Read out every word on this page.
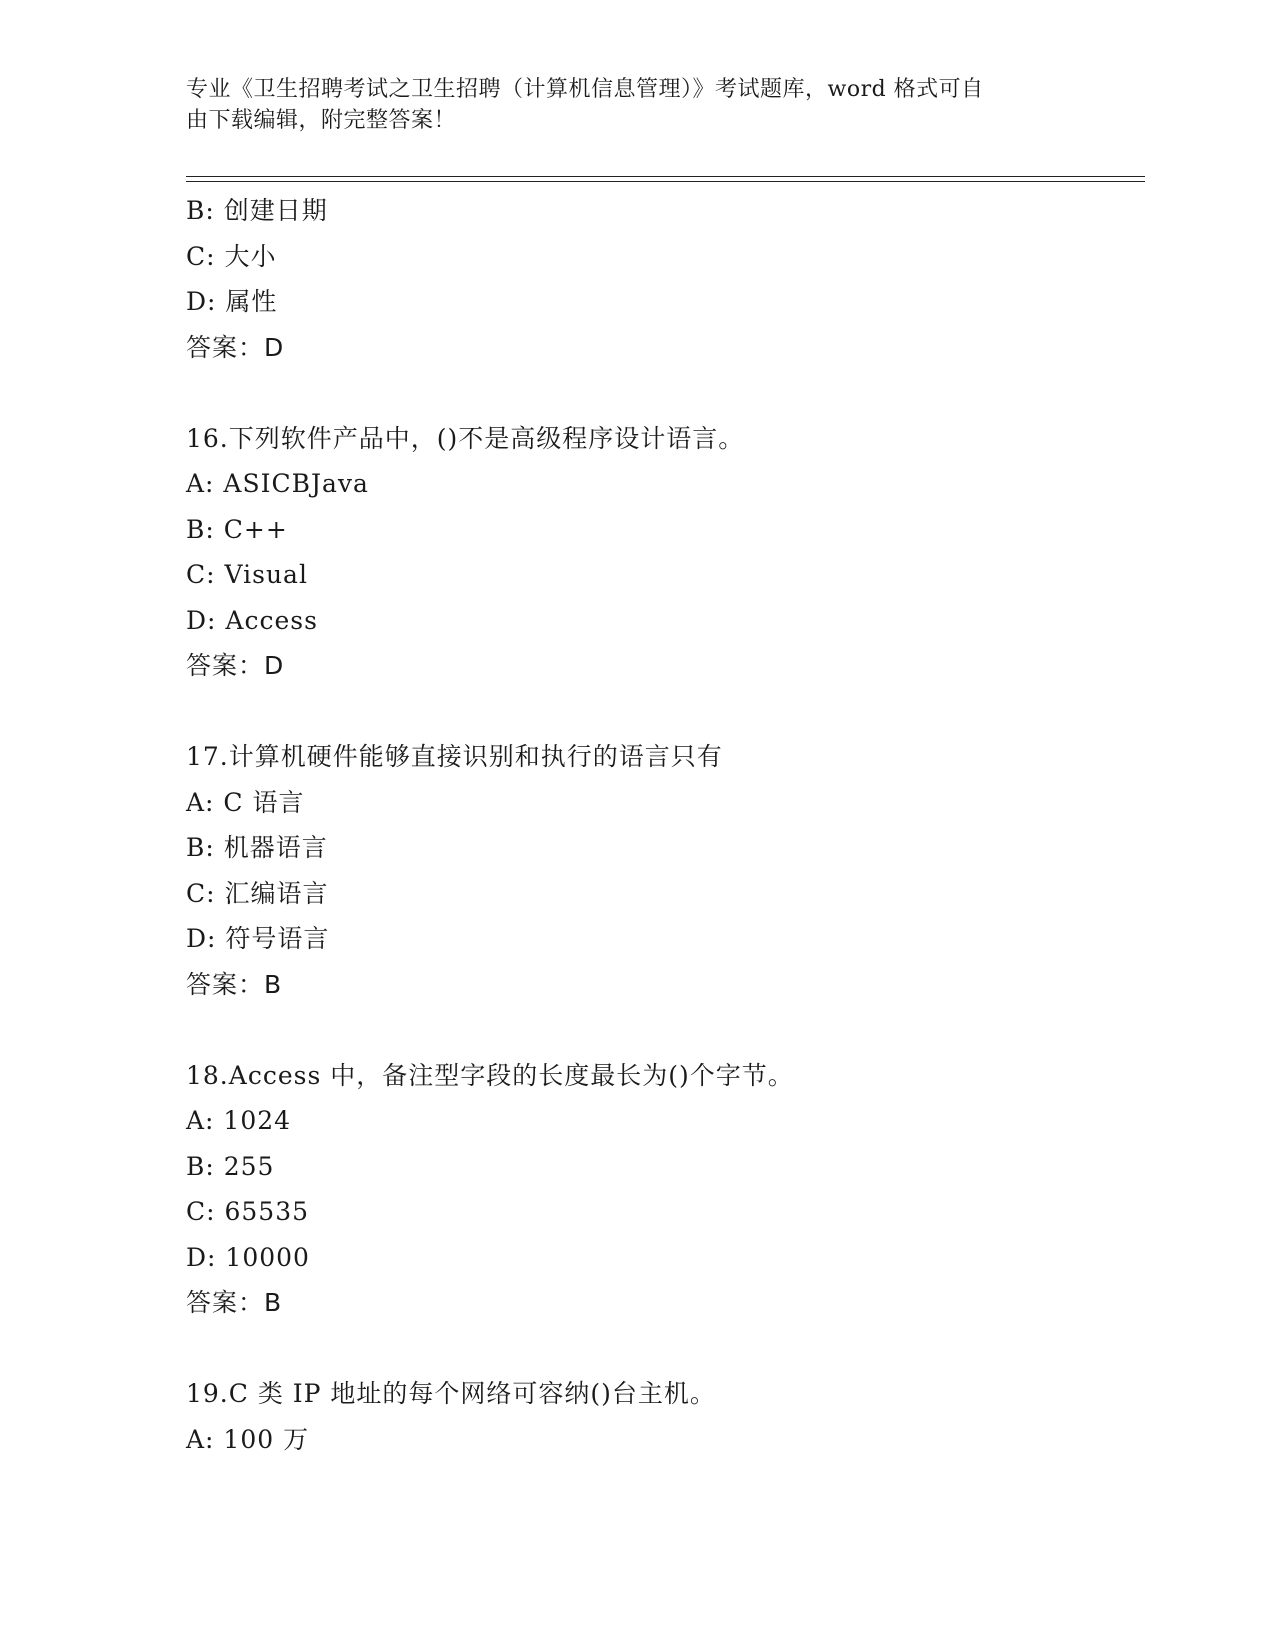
专业《卫生招聘考试之卫生招聘（计算机信息管理）》考试题库，word 格式可自
由下载编辑，附完整答案！
B: 创建日期
C: 大小
D: 属性
答案：D
16.下列软件产品中，()不是高级程序设计语言。
A: ASICBJava
B: C++
C: Visual
D: Access
答案：D
17.计算机硬件能够直接识别和执行的语言只有
A: C 语言
B: 机器语言
C: 汇编语言
D: 符号语言
答案：B
18.Access 中，备注型字段的长度最长为()个字节。
A: 1024
B: 255
C: 65535
D: 10000
答案：B
19.C 类 IP 地址的每个网络可容纳()台主机。
A: 100 万
